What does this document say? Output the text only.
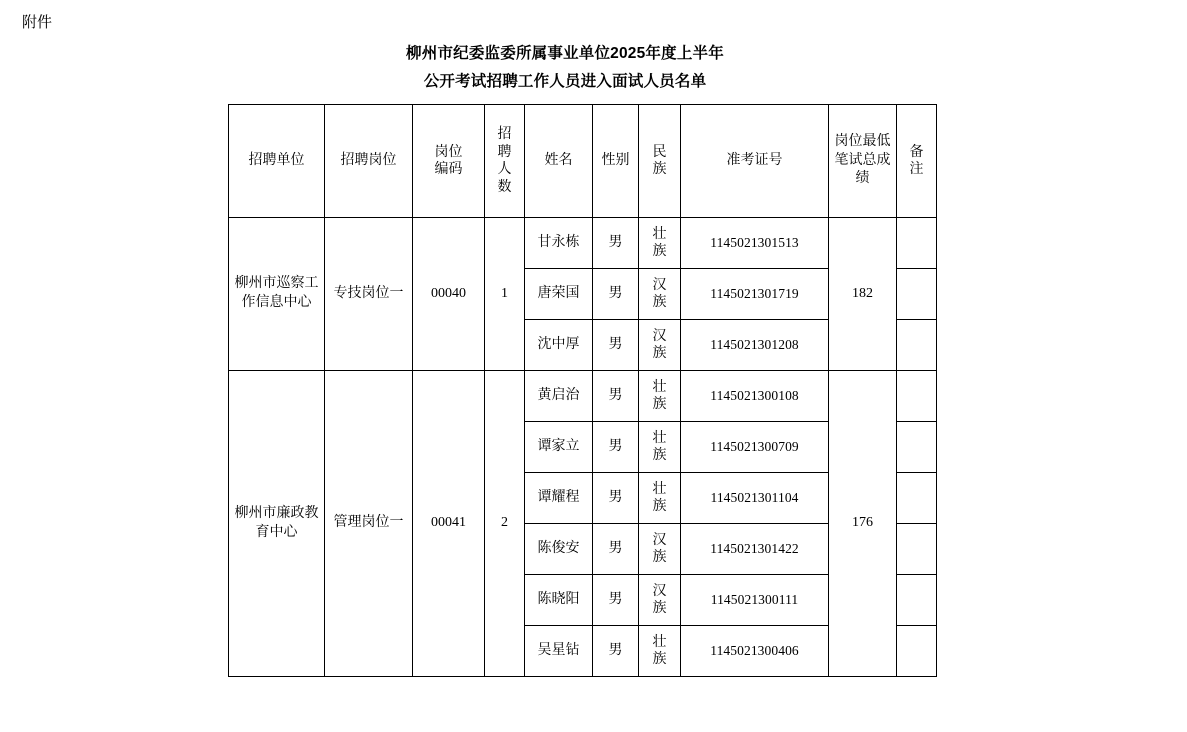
附件
柳州市纪委监委所属事业单位2025年度上半年
公开考试招聘工作人员进入面试人员名单
招聘单位	招聘岗位	岗位编码	招聘人数	姓名	性别	民族	准考证号	岗位最低笔试总成绩	备注

柳州市巡察工作信息中心	专技岗位一	00040	1	甘永栋	男	壮族	1145021301513	182	
				唐荣国	男	汉族	1145021301719		
				沈中厚	男	汉族	1145021301208		
柳州市廉政教育中心	管理岗位一	00041	2	黄启治	男	壮族	1145021300108	176	
				谭家立	男	壮族	1145021300709		
				谭耀程	男	壮族	1145021301104		
				陈俊安	男	汉族	1145021301422		
				陈晓阳	男	汉族	1145021300111		
				吴星钻	男	壮族	1145021300406		
